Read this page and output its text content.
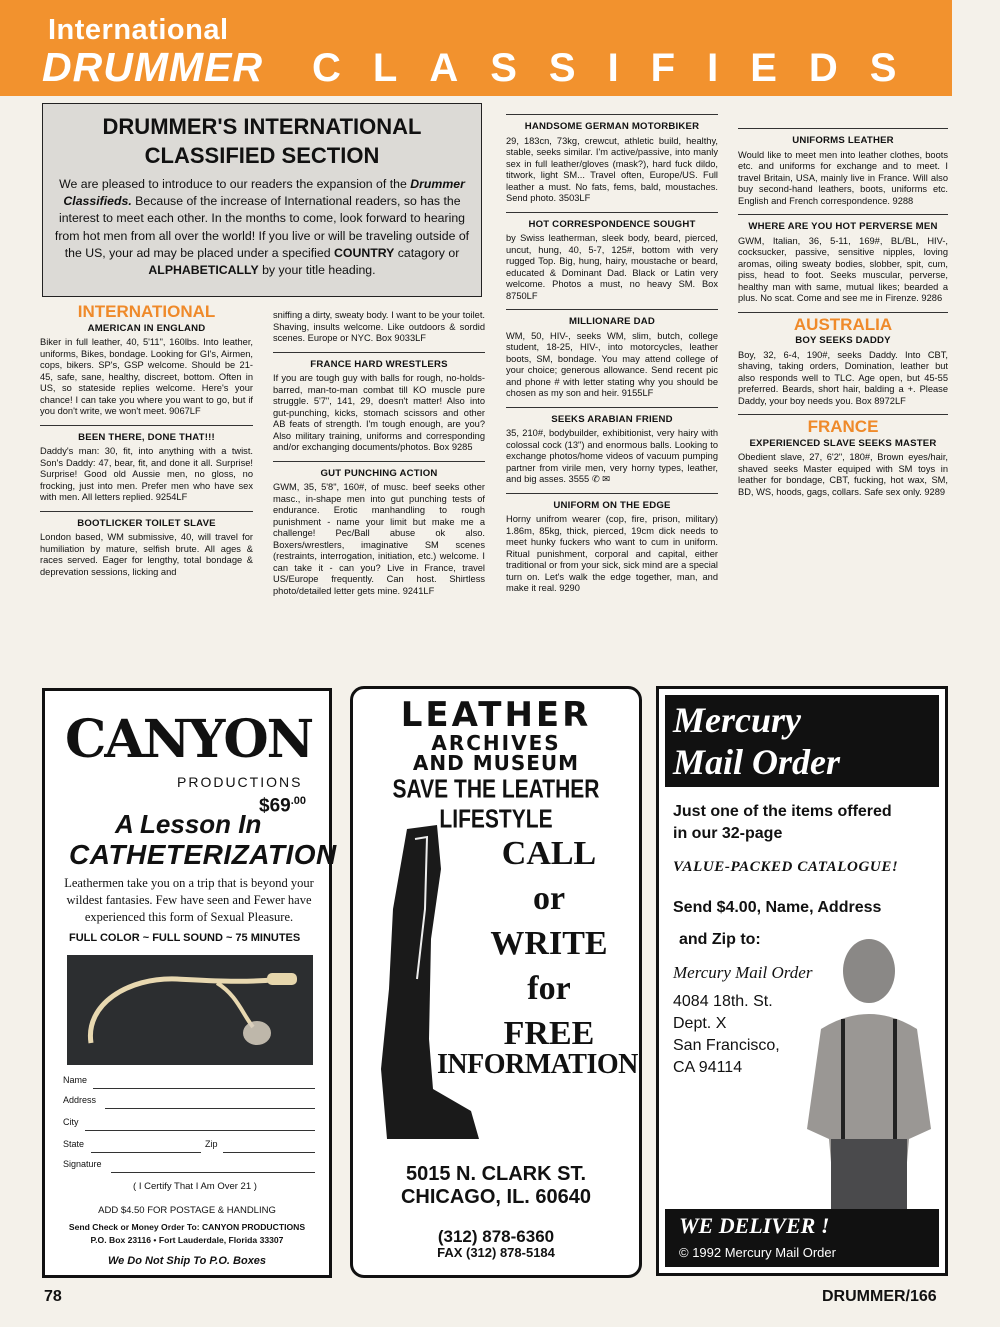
International
DRUMMER CLASSIFIEDS
DRUMMER'S INTERNATIONAL
CLASSIFIED SECTION

We are pleased to introduce to our readers the expansion of the Drummer Classifieds. Because of the increase of International readers, so has the interest to meet each other. In the months to come, look forward to hearing from hot men from all over the world! If you live or will be traveling outside of the US, your ad may be placed under a specified COUNTRY catagory or ALPHABETICALLY by your title heading.

INTERNATIONAL
AMERICAN IN ENGLAND

Biker in full leather, 40, 5'11", 160lbs. Into leather, uniforms, Bikes, bondage. Looking for GI's, Airmen, cops, bikers. SP's, GSP welcome. Should be 21-45, safe, sane, healthy, discreet, bottom. Often in US, so stateside replies welcome. Here's your chance! I can take you where you want to go, but if you don't write, we won't meet. 9067LF

BEEN THERE, DONE THAT!!!

Daddy's man: 30, fit, into anything with a twist. Son's Daddy: 47, bear, fit, and done it all. Surprise! Surprise! Good old Aussie men, no gloss, no frocking, just into men. Prefer men who have sex with men. All letters replied. 9254LF

BOOTLICKER TOILET SLAVE

London based, WM submissive, 40, will travel for humiliation by mature, selfish brute. All ages & races served. Eager for lengthy, total bondage & deprevation sessions, licking and

sniffing a dirty, sweaty body. I want to be your toilet. Shaving, insults welcome. Like outdoors & sordid scenes. Europe or NYC. Box 9033LF

FRANCE HARD WRESTLERS

If you are tough guy with balls for rough, no-holds-barred, man-to-man combat till KO muscle pure struggle. 5'7", 141, 29, doesn't matter! Also into gut-punching, kicks, stomach scissors and other AB feats of strength. I'm tough enough, are you? Also military training, uniforms and corresponding and/or exchanging documents/photos. Box 9285

GUT PUNCHING ACTION

GWM, 35, 5'8", 160#, of musc. beef seeks other masc., in-shape men into gut punching tests of endurance. Erotic manhandling to rough punishment - name your limit but make me a challenge! Pec/Ball abuse ok also. Boxers/wrestlers, imaginative SM scenes (restraints, interrogation, initiation, etc.) welcome. I can take it - can you? Live in France, travel US/Europe frequently. Can host. Shirtless photo/detailed letter gets mine. 9241LF

HANDSOME GERMAN MOTORBIKER

29, 183cn, 73kg, crewcut, athletic build, healthy, stable, seeks similar. I'm active/passive, into manly sex in full leather/gloves (mask?), hard fuck dildo, titwork, light SM... Travel often, Europe/US. Full leather a must. No fats, fems, bald, moustaches. Send photo. 3503LF

HOT CORRESPONDENCE SOUGHT

by Swiss leatherman, sleek body, beard, pierced, uncut, hung, 40, 5-7, 125#, bottom with very rugged Top. Big, hung, hairy, moustache or beard, educated & Dominant Dad. Black or Latin very welcome. Photos a must, no heavy SM. Box 8750LF

MILLIONARE DAD

WM, 50, HIV-, seeks WM, slim, butch, college student, 18-25, HIV-, into motorcycles, leather boots, SM, bondage. You may attend college of your choice; generous allowance. Send recent pic and phone # with letter stating why you should be chosen as my son and heir. 9155LF

SEEKS ARABIAN FRIEND

35, 210#, bodybuilder, exhibitionist, very hairy with colossal cock (13") and enormous balls. Looking to exchange photos/home videos of vacuum pumping partner from virile men, very horny types, leather, and big asses. 3555 ✆ ✉

UNIFORM ON THE EDGE

Horny unifrom wearer (cop, fire, prison, military) 1.86m, 85kg, thick, pierced, 19cm dick needs to meet hunky fuckers who want to cum in uniform. Ritual punishment, corporal and capital, either traditional or from your sick, sick mind are a special turn on. Let's walk the edge together, man, and make it real. 9290

UNIFORMS LEATHER

Would like to meet men into leather clothes, boots etc. and uniforms for exchange and to meet. I travel Britain, USA, mainly live in France. Will also buy second-hand leathers, boots, uniforms etc. English and French correspondence. 9288

WHERE ARE YOU HOT PERVERSE MEN

GWM, Italian, 36, 5-11, 169#, BL/BL, HIV-, cocksucker, passive, sensitive nipples, loving aromas, oiling sweaty bodies, slobber, spit, cum, piss, head to foot. Seeks muscular, perverse, healthy man with same, mutual likes; bearded a plus. No scat. Come and see me in Firenze. 9286

AUSTRALIA
BOY SEEKS DADDY

Boy, 32, 6-4, 190#, seeks Daddy. Into CBT, shaving, taking orders, Domination, leather but also responds well to TLC. Age open, but 45-55 preferred. Beards, short hair, balding a +. Please Daddy, your boy needs you. Box 8972LF

FRANCE
EXPERIENCED SLAVE SEEKS MASTER

Obedient slave, 27, 6'2", 180#, Brown eyes/hair, shaved seeks Master equiped with SM toys in leather for bondage, CBT, fucking, hot wax, SM, BD, WS, hoods, gags, collars. Safe sex only. 9289

CANYON
PRODUCTIONS
$\$69^{.00}$
A Lesson In
CATHETERIZATION
Leathermen take you on a trip that is beyond your wildest fantasies. Few have seen and Fewer have experienced this form of Sexual Pleasure.
FULL COLOR ~ FULL SOUND ~ 75 MINUTES
Name
Address
City
State	Zip
Signature
( I Certify That I Am Over 21 )
ADD $4.50 FOR POSTAGE & HANDLING
Send Check or Money Order To: CANYON PRODUCTIONS
P.O. Box 23116 • Fort Lauderdale, Florida 33307
We Do Not Ship To P.O. Boxes
LEATHER
ARCHIVES
AND MUSEUM
SAVE THE LEATHER LIFESTYLE
CALL
or
WRITE
for
FREE
INFORMATION
5015 N. CLARK ST.
CHICAGO, IL. 60640
(312) 878-6360
FAX (312) 878-5184
Mercury
Mail Order
Just one of the items offered
in our 32-page
VALUE-PACKED CATALOGUE!
Send $4.00, Name, Address
and Zip to:
Mercury Mail Order
4084 18th. St.
Dept. X
San Francisco,
CA 94114
WE DELIVER !
© 1992 Mercury Mail Order
78	DRUMMER/166
